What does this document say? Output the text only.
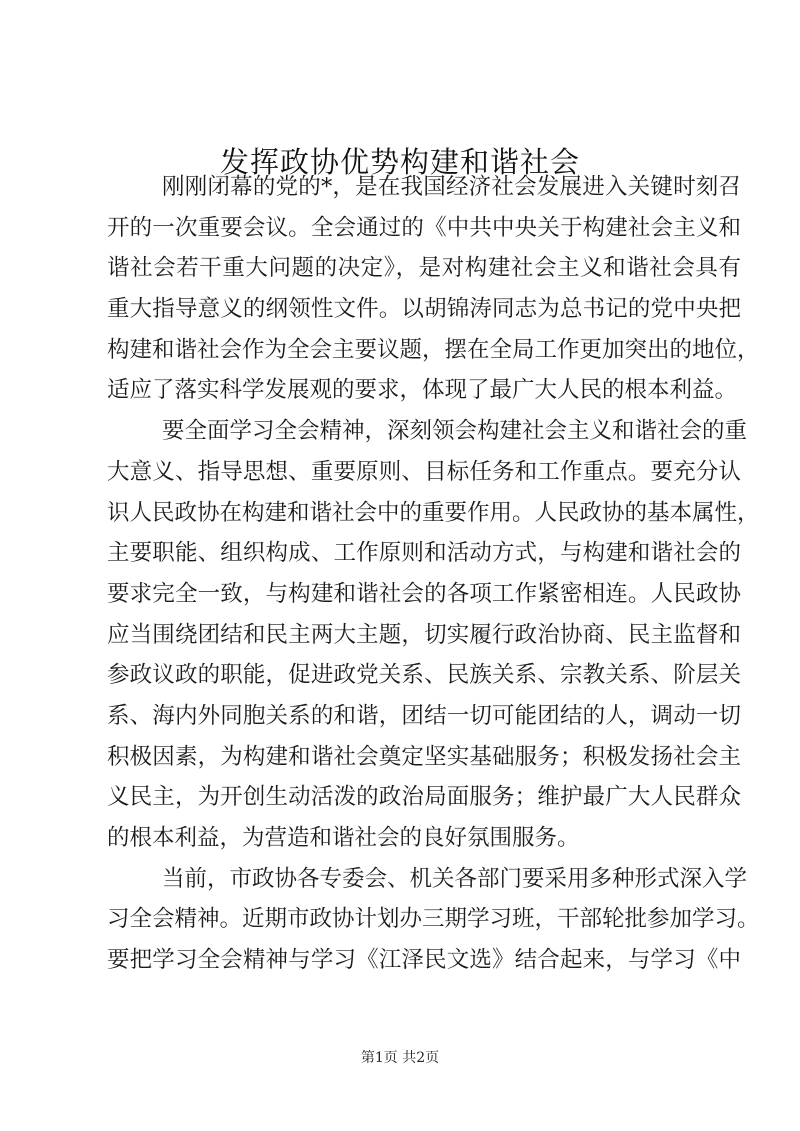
发挥政协优势构建和谐社会
刚刚闭幕的党的*，是在我国经济社会发展进入关键时刻召
开的一次重要会议。全会通过的《中共中央关于构建社会主义和
谐社会若干重大问题的决定》，是对构建社会主义和谐社会具有
重大指导意义的纲领性文件。以胡锦涛同志为总书记的党中央把
构建和谐社会作为全会主要议题，摆在全局工作更加突出的地位，
适应了落实科学发展观的要求，体现了最广大人民的根本利益。
要全面学习全会精神，深刻领会构建社会主义和谐社会的重
大意义、指导思想、重要原则、目标任务和工作重点。要充分认
识人民政协在构建和谐社会中的重要作用。人民政协的基本属性，
主要职能、组织构成、工作原则和活动方式，与构建和谐社会的
要求完全一致，与构建和谐社会的各项工作紧密相连。人民政协
应当围绕团结和民主两大主题，切实履行政治协商、民主监督和
参政议政的职能，促进政党关系、民族关系、宗教关系、阶层关
系、海内外同胞关系的和谐，团结一切可能团结的人，调动一切
积极因素，为构建和谐社会奠定坚实基础服务；积极发扬社会主
义民主，为开创生动活泼的政治局面服务；维护最广大人民群众
的根本利益，为营造和谐社会的良好氛围服务。
当前，市政协各专委会、机关各部门要采用多种形式深入学
习全会精神。近期市政协计划办三期学习班，干部轮批参加学习。
要把学习全会精神与学习《江泽民文选》结合起来，与学习《中
第1页 共2页
